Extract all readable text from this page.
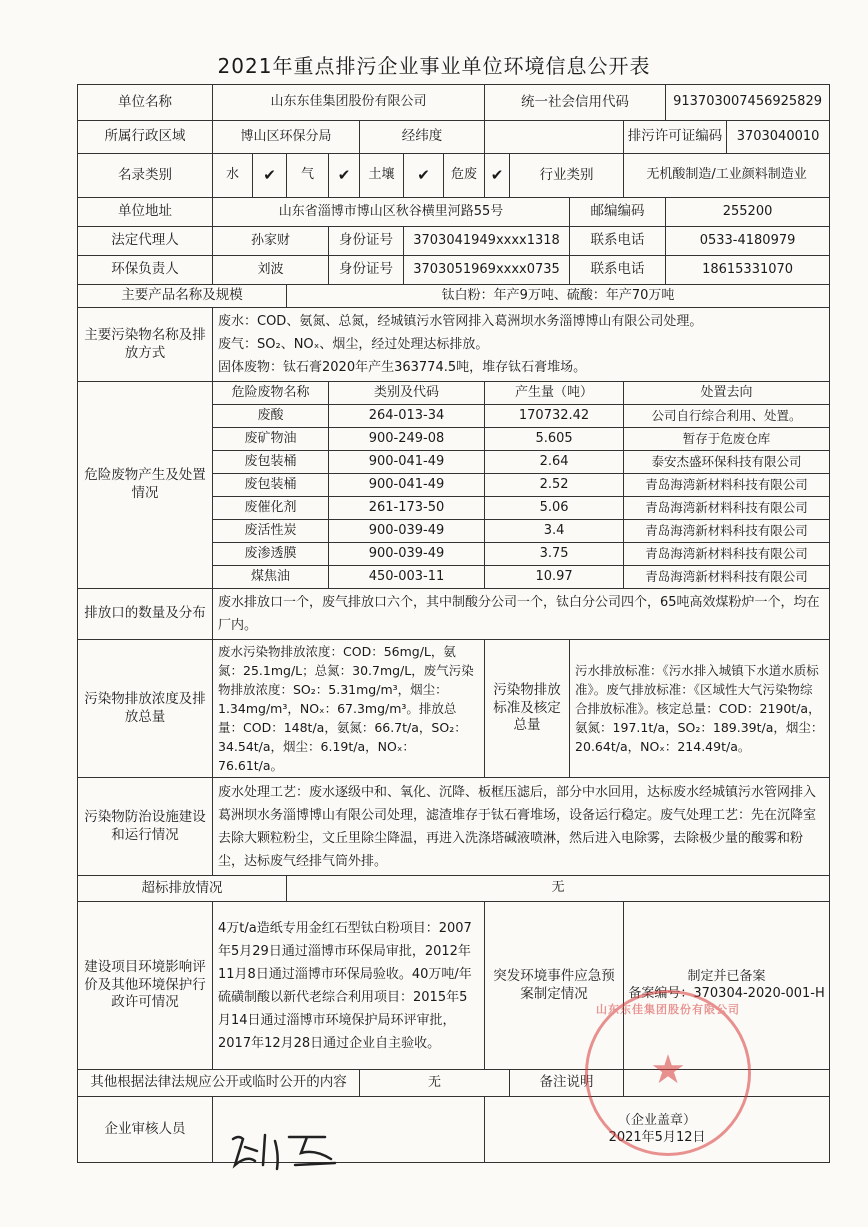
2021年重点排污企业事业单位环境信息公开表
单位名称	山东东佳集团股份有限公司							统一社会信用代码				913703007456925829	
所属行政区域	博山区环保分局				经纬度						排污许可证编码		3703040010
名录类别	水	✔	气	✔	土壤	✔	危废	✔	行业类别		无机酸制造/工业颜料制造业		
单位地址	山东省淄博市博山区秋谷横里河路55号									邮编编码		255200	
法定代理人	孙家财			身份证号		3703041949xxxx1318				联系电话		0533-4180979	
环保负责人	刘波			身份证号		3703051969xxxx0735				联系电话		18615331070	
主要产品名称及规模			钛白粉：年产9万吨、硫酸：年产70万吨										
主要污染物名称及排放方式	废水：COD、氨氮、总氮，经城镇污水管网排入葛洲坝水务淄博博山有限公司处理。
废气：SO₂、NOₓ、烟尘，经过处理达标排放。
固体废物：钛石膏2020年产生363774.5吨，堆存钛石膏堆场。												

危险废物产生及处置情况	危险废物名称			类别及代码				产生量（吨）			处置去向		
	废酸			264-013-34				170732.42			公司自行综合利用、处置。		
	废矿物油			900-249-08				5.605			暂存于危废仓库		
	废包装桶			900-041-49				2.64			泰安杰盛环保科技有限公司		
	废包装桶			900-041-49				2.52			青岛海湾新材料科技有限公司		
	废催化剂			261-173-50				5.06			青岛海湾新材料科技有限公司		
	废活性炭			900-039-49				3.4			青岛海湾新材料科技有限公司		
	废渗透膜			900-039-49				3.75			青岛海湾新材料科技有限公司		
	煤焦油			450-003-11				10.97			青岛海湾新材料科技有限公司		
排放口的数量及分布	废水排放口一个，废气排放口六个，其中制酸分公司一个，钛白分公司四个，65吨高效煤粉炉一个，均在厂内。												
污染物排放浓度及排放总量	废水污染物排放浓度：COD：56mg/L，氨氮：25.1mg/L；总氮：30.7mg/L，废气污染物排放浓度：SO₂：5.31mg/m³，烟尘：1.34mg/m³，NOₓ：67.3mg/m³。排放总量：COD：148t/a，氨氮：66.7t/a，SO₂：34.54t/a，烟尘：6.19t/a，NOₓ：76.61t/a。							污染物排放标准及核定总量		污水排放标准：《污水排入城镇下水道水质标准》。废气排放标准：《区域性大气污染物综合排放标准》。核定总量：COD：2190t/a，氨氮：197.1t/a，SO₂：189.39t/a，烟尘：20.64t/a，NOₓ：214.49t/a。			
污染物防治设施建设和运行情况	废水处理工艺：废水逐级中和、氧化、沉降、板框压滤后，部分中水回用，达标废水经城镇污水管网排入葛洲坝水务淄博博山有限公司处理，滤渣堆存于钛石膏堆场，设备运行稳定。废气处理工艺：先在沉降室去除大颗粒粉尘，文丘里除尘降温，再进入洗涤塔碱液喷淋，然后进入电除雾，去除极少量的酸雾和粉尘，达标废气经排气筒外排。												
超标排放情况			无										
建设项目环境影响评价及其他环境保护行政许可情况	4万t/a造纸专用金红石型钛白粉项目：2007年5月29日通过淄博市环保局审批，2012年11月8日通过淄博市环保局验收。40万吨/年硫磺制酸以新代老综合利用项目：2015年5月14日通过淄博市环境保护局环评审批，2017年12月28日通过企业自主验收。							突发环境事件应急预案制定情况			制定并已备案
备案编号：370304-2020-001-H		

其他根据法律法规应公开或临时公开的内容					无				备注说明				
企业审核人员								（企业盖章）
2021年5月12日					
山东东佳集团股份有限公司
★
